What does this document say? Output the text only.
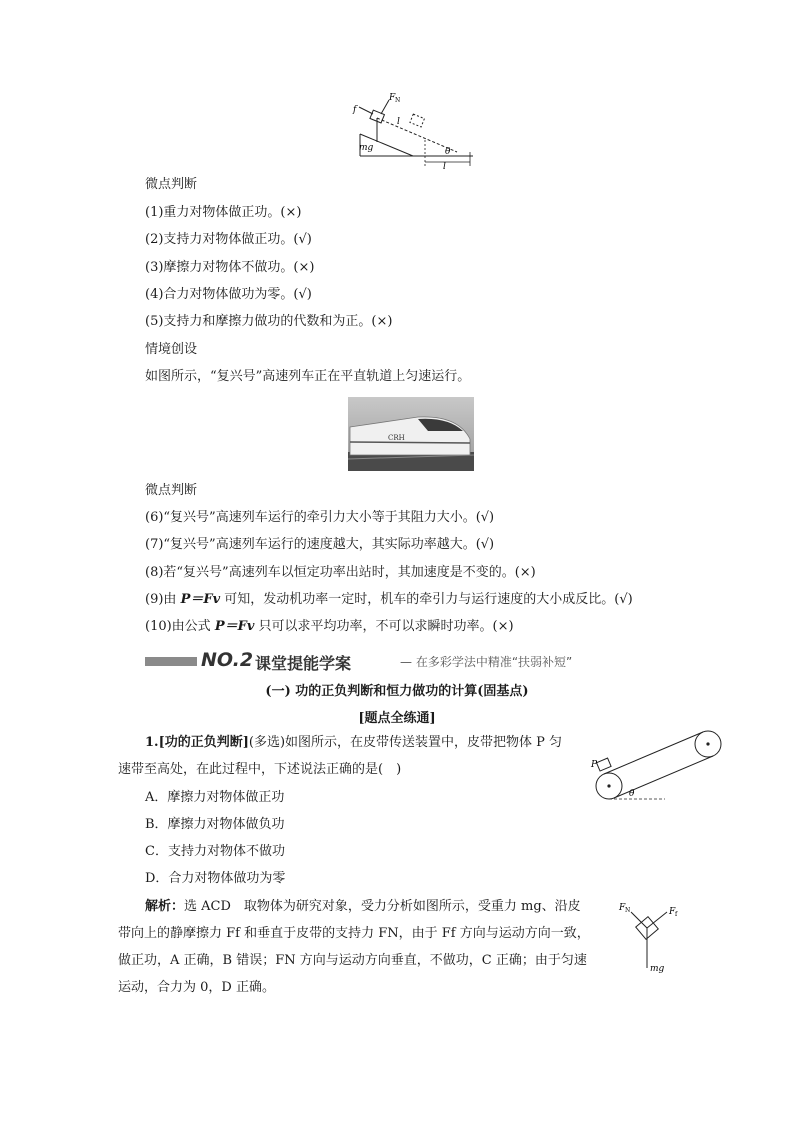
f
F N
l
mg	θ
l
微点判断
(1)重力对物体做正功。(×)
(2)支持力对物体做正功。(√)
(3)摩擦力对物体不做功。(×)
(4)合力对物体做功为零。(√)
(5)支持力和摩擦力做功的代数和为正。(×)
情境创设
如图所示，“复兴号”高速列车正在平直轨道上匀速运行。
CRH
微点判断
(6)“复兴号”高速列车运行的牵引力大小等于其阻力大小。(√)
(7)“复兴号”高速列车运行的速度越大，其实际功率越大。(√)
(8)若“复兴号”高速列车以恒定功率出站时，其加速度是不变的。(×)
(9)由 P＝Fv 可知，发动机功率一定时，机车的牵引力与运行速度的大小成反比。(√)
(10)由公式 P＝Fv 只可以求平均功率，不可以求瞬时功率。(×)
NO.2 课堂提能学案	— 在多彩学法中精准“扶弱补短”
(一) 功的正负判断和恒力做功的计算(固基点)
[题点全练通]
1.[功的正负判断](多选)如图所示，在皮带传送装置中，皮带把物体 P 匀
速带至高处，在此过程中，下述说法正确的是(　)
A．摩擦力对物体做正功
B．摩擦力对物体做负功
C．支持力对物体不做功
D．合力对物体做功为零
P
θ
F N	F f
mg
解析：选 ACD　取物体为研究对象，受力分析如图所示，受重力 mg、沿皮
带向上的静摩擦力 Ff 和垂直于皮带的支持力 FN，由于 Ff 方向与运动方向一致，
做正功，A 正确，B 错误；FN 方向与运动方向垂直，不做功，C 正确；由于匀速
运动，合力为 0，D 正确。
